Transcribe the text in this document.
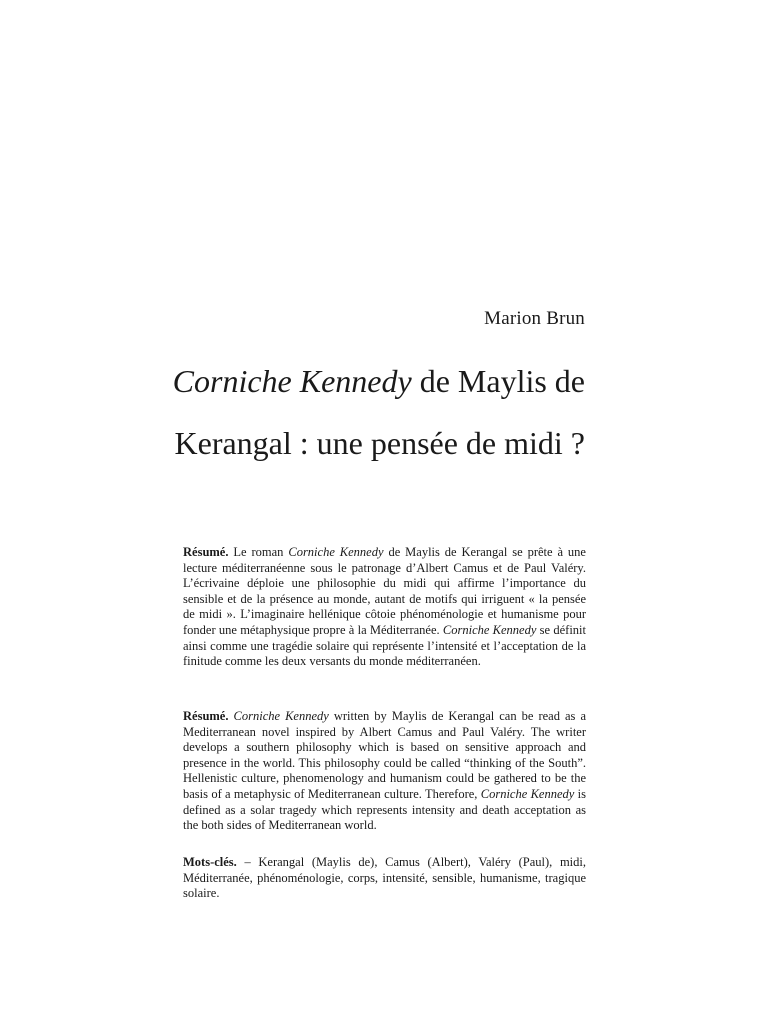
Marion Brun
Corniche Kennedy de Maylis de Kerangal : une pensée de midi ?

Résumé. Le roman Corniche Kennedy de Maylis de Kerangal se prête à une lecture méditerranéenne sous le patronage d’Albert Camus et de Paul Valéry. L’écrivaine déploie une philosophie du midi qui affirme l’importance du sensible et de la présence au monde, autant de motifs qui irriguent « la pensée de midi ». L’imaginaire hellénique côtoie phénoménologie et humanisme pour fonder une métaphysique propre à la Méditerranée. Corniche Kennedy se définit ainsi comme une tragédie solaire qui représente l’intensité et l’acceptation de la finitude comme les deux versants du monde méditerranéen.

Résumé. Corniche Kennedy written by Maylis de Kerangal can be read as a Mediterranean novel inspired by Albert Camus and Paul Valéry. The writer develops a southern philosophy which is based on sensitive approach and presence in the world. This philosophy could be called “thinking of the South”. Hellenistic culture, phenomenology and humanism could be gathered to be the basis of a metaphysic of Mediterranean culture. Therefore, Corniche Kennedy is defined as a solar tragedy which represents intensity and death acceptation as the both sides of Mediterranean world.

Mots-clés. – Kerangal (Maylis de), Camus (Albert), Valéry (Paul), midi, Méditerranée, phénoménologie, corps, intensité, sensible, humanisme, tragique solaire.
